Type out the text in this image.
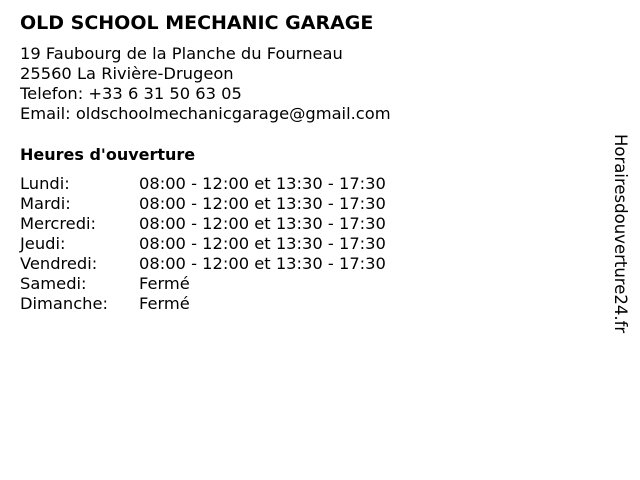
OLD SCHOOL MECHANIC GARAGE
19 Faubourg de la Planche du Fourneau
25560 La Rivière-Drugeon
Telefon: +33 6 31 50 63 05
Email: oldschoolmechanicgarage@gmail.com
Heures d'ouverture
Lundi:	08:00 - 12:00 et 13:30 - 17:30
Mardi:	08:00 - 12:00 et 13:30 - 17:30
Mercredi:	08:00 - 12:00 et 13:30 - 17:30
Jeudi:	08:00 - 12:00 et 13:30 - 17:30
Vendredi:	08:00 - 12:00 et 13:30 - 17:30
Samedi:	Fermé
Dimanche:	Fermé	Horairesdouverture24.fr
